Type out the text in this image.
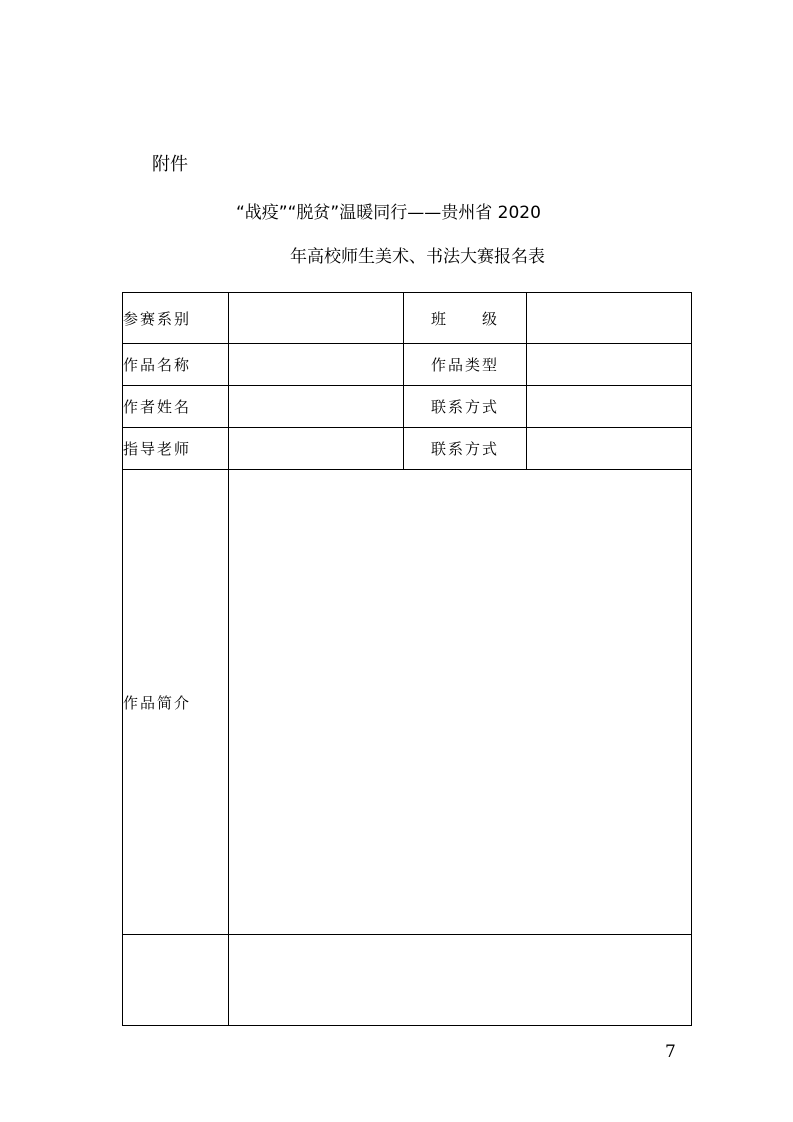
附件
“战疫”“脱贫”温暖同行——贵州省 2020
年高校师生美术、书法大赛报名表
参赛系别		班　　级	
作品名称		作品类型	
作者姓名		联系方式	
指导老师		联系方式	
作品简介			

7
